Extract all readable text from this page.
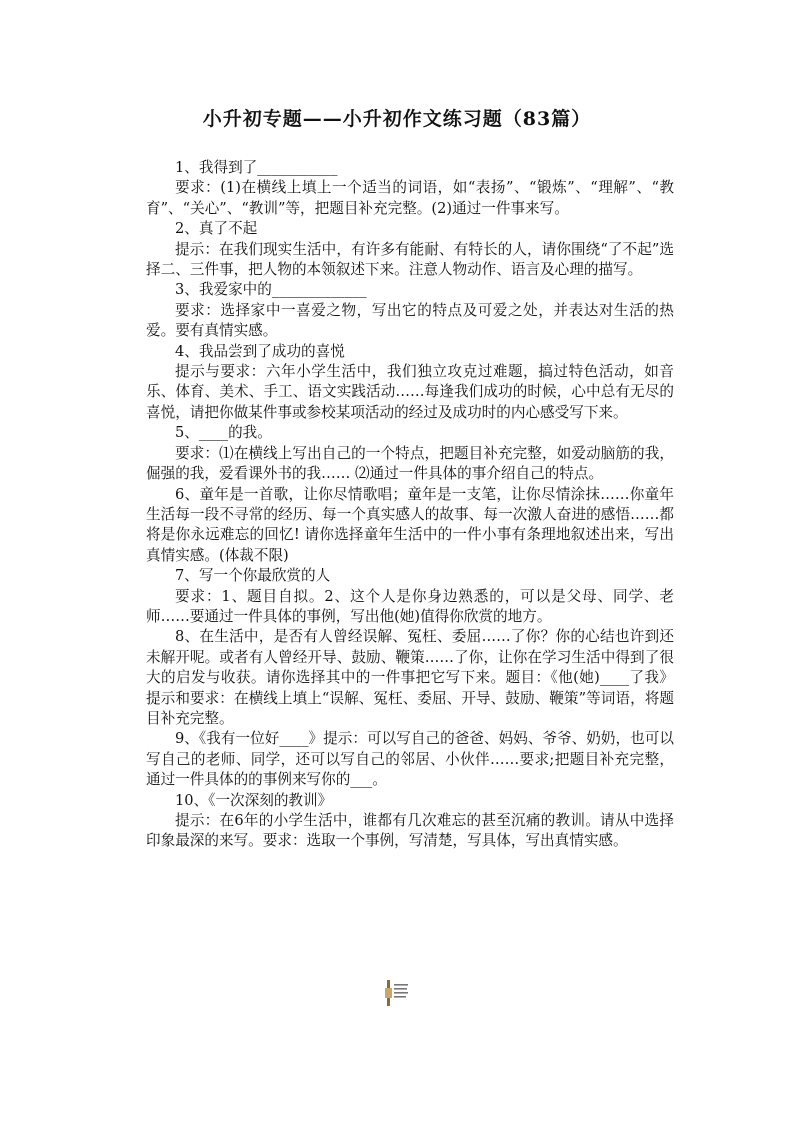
小升初专题——小升初作文练习题（83篇）

1、我得到了___________

要求：(1)在横线上填上一个适当的词语，如“表扬”、“锻炼”、“理解”、“教育”、“关心”、“教训”等，把题目补充完整。(2)通过一件事来写。

2、真了不起

提示：在我们现实生活中，有许多有能耐、有特长的人，请你围绕“了不起”选择二、三件事，把人物的本领叙述下来。注意人物动作、语言及心理的描写。

3、我爱家中的_____________

要求：选择家中一喜爱之物，写出它的特点及可爱之处，并表达对生活的热爱。要有真情实感。

4、我品尝到了成功的喜悦

提示与要求：六年小学生活中，我们独立攻克过难题，搞过特色活动，如音乐、体育、美术、手工、语文实践活动……每逢我们成功的时候，心中总有无尽的喜悦，请把你做某件事或参校某项活动的经过及成功时的内心感受写下来。

5、____的我。

要求：⑴在横线上写出自己的一个特点，把题目补充完整，如爱动脑筋的我，倔强的我，爱看课外书的我…… ⑵通过一件具体的事介绍自己的特点。

6、童年是一首歌，让你尽情歌唱；童年是一支笔，让你尽情涂抹……你童年生活每一段不寻常的经历、每一个真实感人的故事、每一次激人奋进的感悟……都将是你永远难忘的回忆! 请你选择童年生活中的一件小事有条理地叙述出来，写出真情实感。(体裁不限)

7、写一个你最欣赏的人

要求：1、题目自拟。2、这个人是你身边熟悉的，可以是父母、同学、老师……要通过一件具体的事例，写出他(她)值得你欣赏的地方。

8、在生活中，是否有人曾经误解、冤枉、委屈……了你？你的心结也许到还未解开呢。或者有人曾经开导、鼓励、鞭策……了你，让你在学习生活中得到了很大的启发与收获。请你选择其中的一件事把它写下来。题目：《他(她)____了我》 提示和要求：在横线上填上“误解、冤枉、委屈、开导、鼓励、鞭策”等词语，将题目补充完整。

9、《我有一位好____》提示：可以写自己的爸爸、妈妈、爷爷、奶奶，也可以写自己的老师、同学，还可以写自己的邻居、小伙伴……要求;把题目补充完整，通过一件具体的的事例来写你的___。

10、《一次深刻的教训》

提示：在6年的小学生活中，谁都有几次难忘的甚至沉痛的教训。请从中选择印象最深的来写。要求：选取一个事例，写清楚，写具体，写出真情实感。
